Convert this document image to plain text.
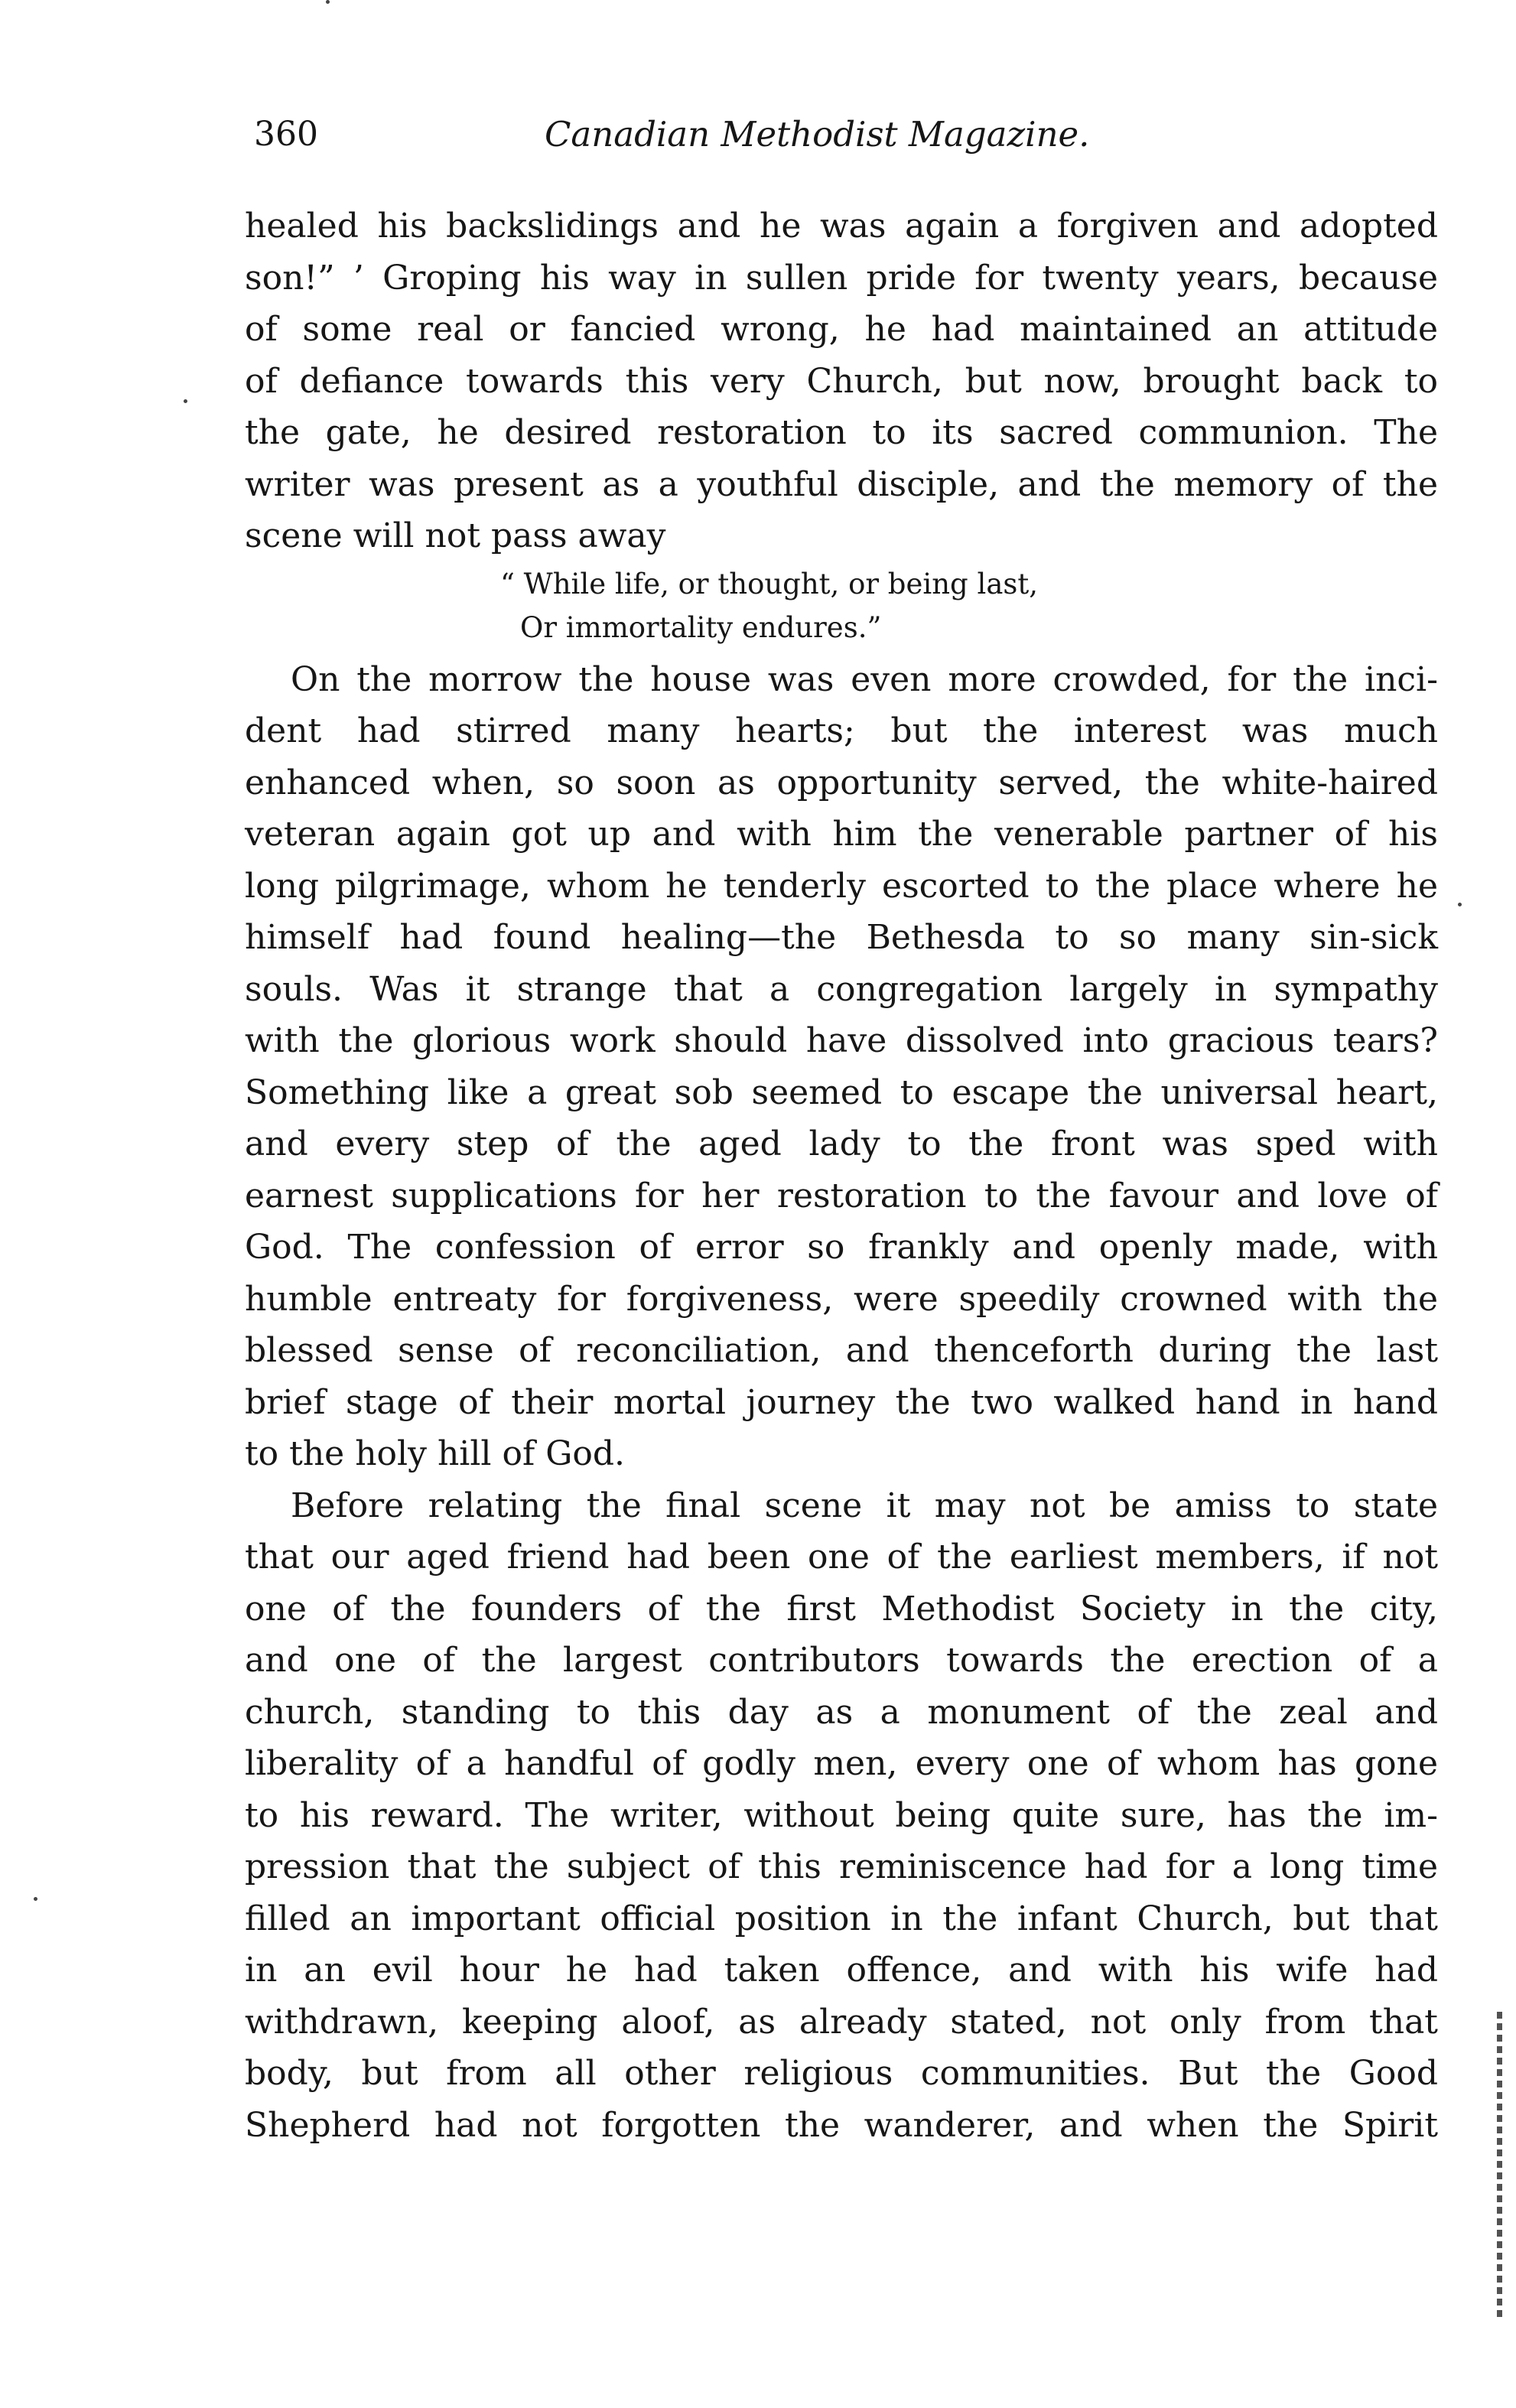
360	Canadian Methodist Magazine.
healed his backslidings and he was again a forgiven and adopted
son!” ’ Groping his way in sullen pride for twenty years, because
of some real or fancied wrong, he had maintained an attitude
of defiance towards this very Church, but now, brought back to
the gate, he desired restoration to its sacred communion. The
writer was present as a youthful disciple, and the memory of the
scene will not pass away
“ While life, or thought, or being last,
Or immortality endures.”
On the morrow the house was even more crowded, for the inci-
dent had stirred many hearts; but the interest was much
enhanced when, so soon as opportunity served, the white-haired
veteran again got up and with him the venerable partner of his
long pilgrimage, whom he tenderly escorted to the place where he
himself had found healing—the Bethesda to so many sin-sick
souls. Was it strange that a congregation largely in sympathy
with the glorious work should have dissolved into gracious tears?
Something like a great sob seemed to escape the universal heart,
and every step of the aged lady to the front was sped with
earnest supplications for her restoration to the favour and love of
God. The confession of error so frankly and openly made, with
humble entreaty for forgiveness, were speedily crowned with the
blessed sense of reconciliation, and thenceforth during the last
brief stage of their mortal journey the two walked hand in hand
to the holy hill of God.
Before relating the final scene it may not be amiss to state
that our aged friend had been one of the earliest members, if not
one of the founders of the first Methodist Society in the city,
and one of the largest contributors towards the erection of a
church, standing to this day as a monument of the zeal and
liberality of a handful of godly men, every one of whom has gone
to his reward. The writer, without being quite sure, has the im-
pression that the subject of this reminiscence had for a long time
filled an important official position in the infant Church, but that
in an evil hour he had taken offence, and with his wife had
withdrawn, keeping aloof, as already stated, not only from that
body, but from all other religious communities. But the Good
Shepherd had not forgotten the wanderer, and when the Spirit
